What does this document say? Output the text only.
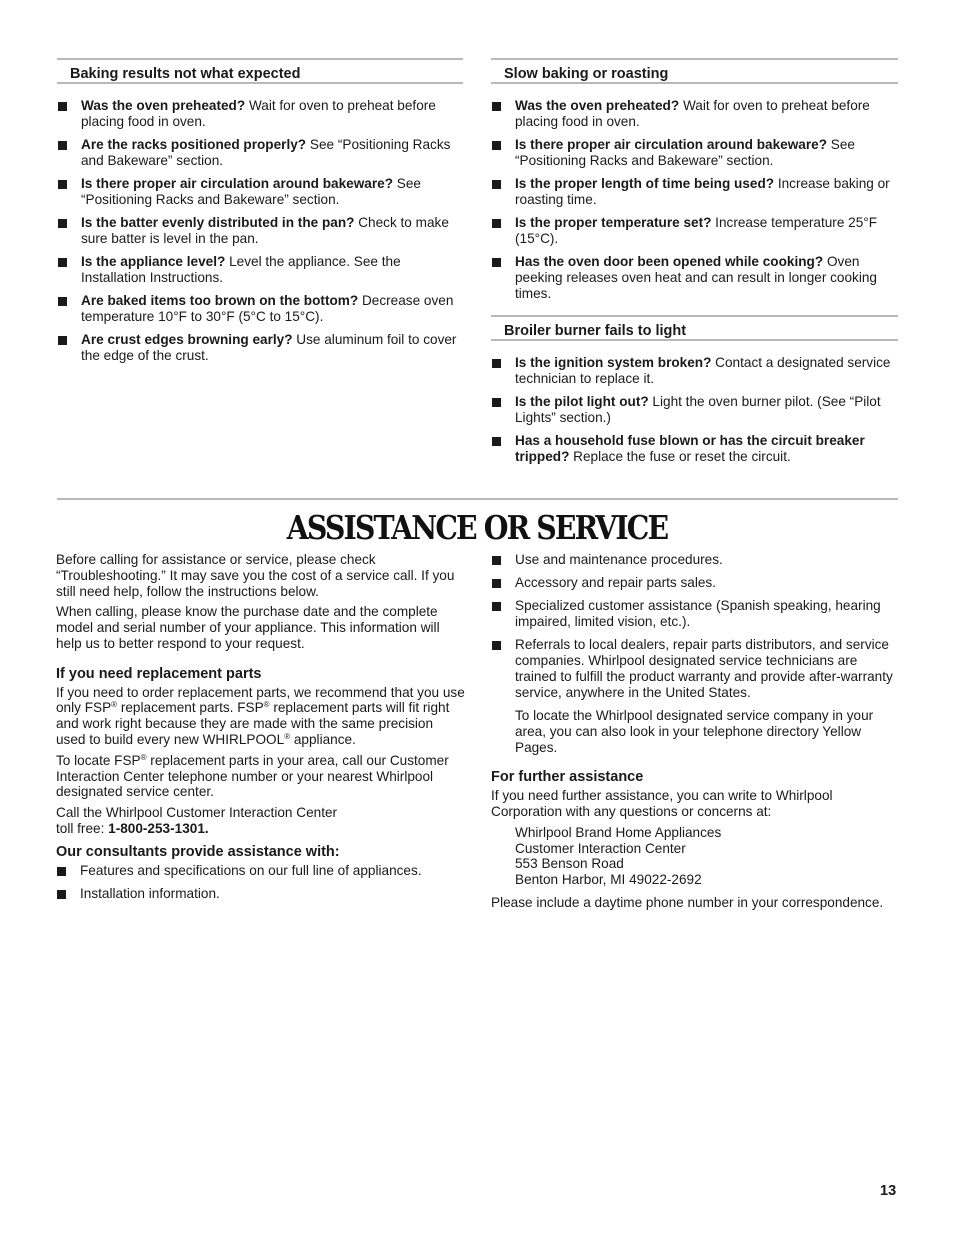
Baking results not what expected
Was the oven preheated? Wait for oven to preheat before placing food in oven.
Are the racks positioned properly? See “Positioning Racks and Bakeware” section.
Is there proper air circulation around bakeware? See “Positioning Racks and Bakeware” section.
Is the batter evenly distributed in the pan? Check to make sure batter is level in the pan.
Is the appliance level? Level the appliance. See the Installation Instructions.
Are baked items too brown on the bottom? Decrease oven temperature 10°F to 30°F (5°C to 15°C).
Are crust edges browning early? Use aluminum foil to cover the edge of the crust.
Slow baking or roasting
Was the oven preheated? Wait for oven to preheat before placing food in oven.
Is there proper air circulation around bakeware? See “Positioning Racks and Bakeware” section.
Is the proper length of time being used? Increase baking or roasting time.
Is the proper temperature set? Increase temperature 25°F (15°C).
Has the oven door been opened while cooking? Oven peeking releases oven heat and can result in longer cooking times.
Broiler burner fails to light
Is the ignition system broken? Contact a designated service technician to replace it.
Is the pilot light out? Light the oven burner pilot. (See “Pilot Lights” section.)
Has a household fuse blown or has the circuit breaker tripped? Replace the fuse or reset the circuit.
ASSISTANCE OR SERVICE

Before calling for assistance or service, please check “Troubleshooting.” It may save you the cost of a service call. If you still need help, follow the instructions below.

When calling, please know the purchase date and the complete model and serial number of your appliance. This information will help us to better respond to your request.

If you need replacement parts

If you need to order replacement parts, we recommend that you use only FSP® replacement parts. FSP® replacement parts will fit right and work right because they are made with the same precision used to build every new WHIRLPOOL® appliance.

To locate FSP® replacement parts in your area, call our Customer Interaction Center telephone number or your nearest Whirlpool designated service center.

Call the Whirlpool Customer Interaction Center
toll free: 1-800-253-1301.

Our consultants provide assistance with:
Features and specifications on our full line of appliances.
Installation information.
Use and maintenance procedures.
Accessory and repair parts sales.
Specialized customer assistance (Spanish speaking, hearing impaired, limited vision, etc.).
Referrals to local dealers, repair parts distributors, and service companies. Whirlpool designated service technicians are trained to fulfill the product warranty and provide after-warranty service, anywhere in the United States.

To locate the Whirlpool designated service company in your area, you can also look in your telephone directory Yellow Pages.

For further assistance

If you need further assistance, you can write to Whirlpool Corporation with any questions or concerns at:

Whirlpool Brand Home Appliances
Customer Interaction Center
553 Benson Road
Benton Harbor, MI 49022-2692

Please include a daytime phone number in your correspondence.

13
